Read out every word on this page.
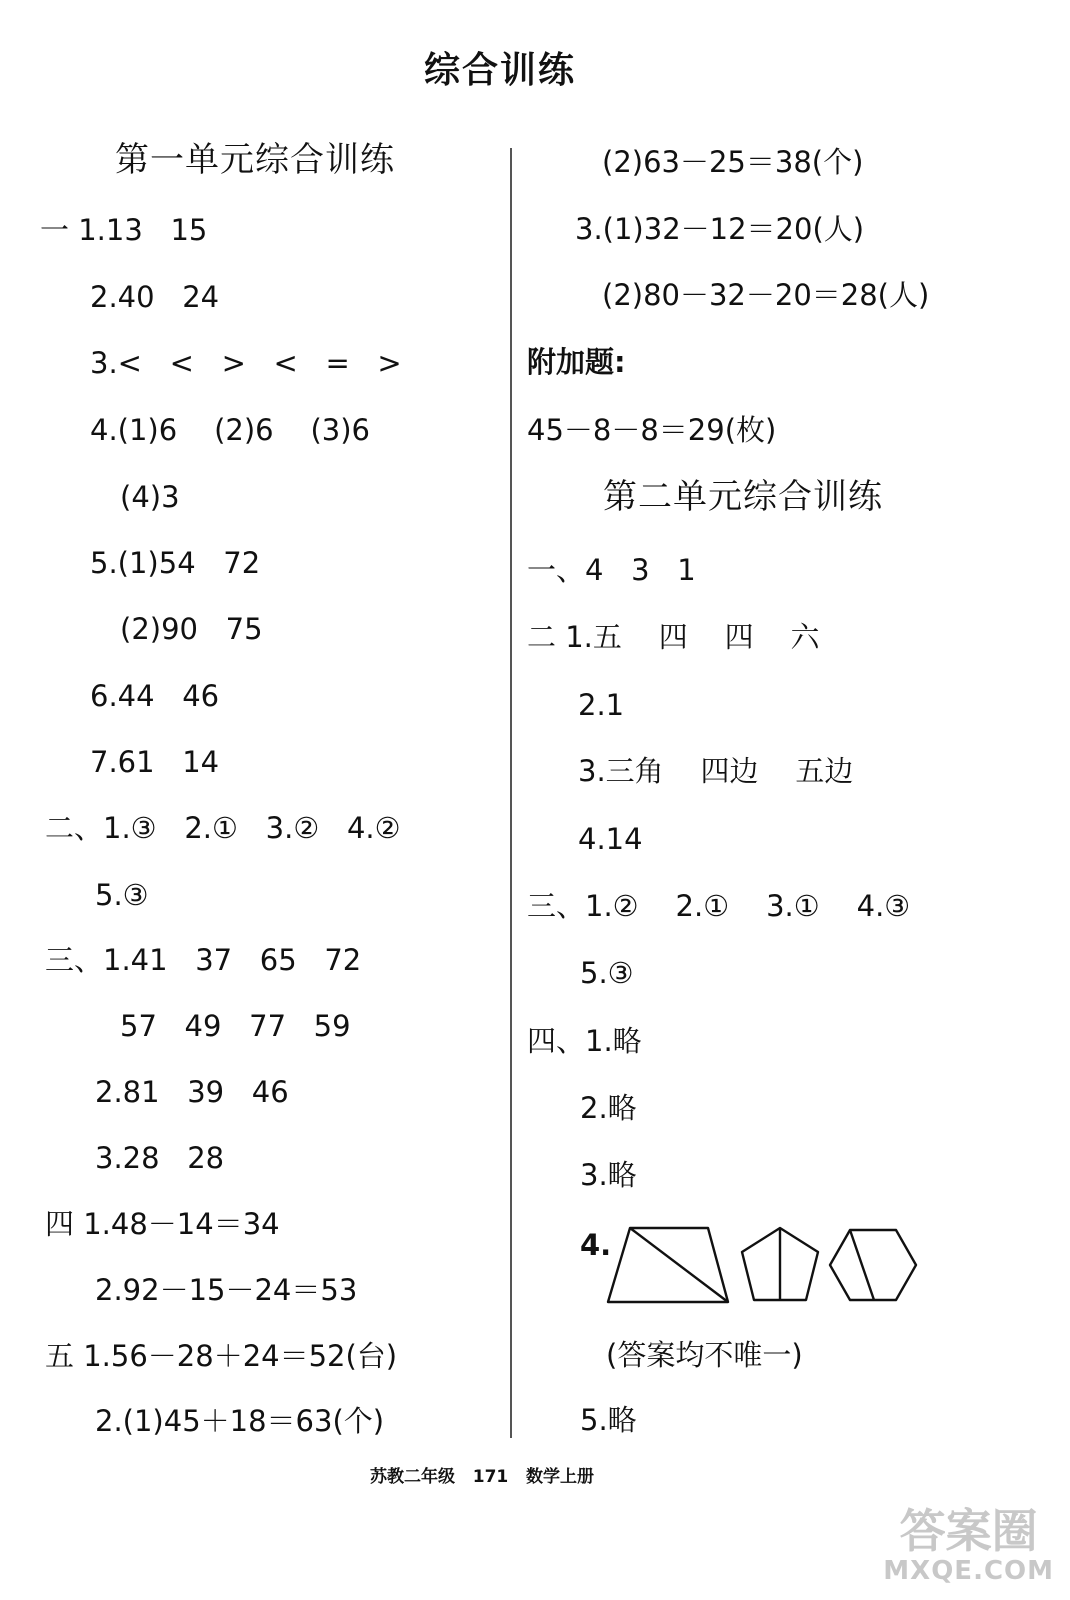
综合训练
第一单元综合训练
一 1.13   15
2.40   24
3.<   <   >   <   =   >
4.(1)6    (2)6    (3)6
(4)3
5.(1)54   72
(2)90   75
6.44   46
7.61   14
二、1.③   2.①   3.②   4.②
5.③
三、1.41   37   65   72
57   49   77   59
2.81   39   46
3.28   28
四 1.48－14＝34
2.92－15－24＝53
五 1.56－28＋24＝52(台)
2.(1)45＋18＝63(个)
(2)63－25＝38(个)
3.(1)32－12＝20(人)
(2)80－32－20＝28(人)
附加题:
45－8－8＝29(枚)
第二单元综合训练
一、4   3   1
二 1.五    四    四    六
2.1
3.三角    四边    五边
4.14
三、1.②    2.①    3.①    4.③
5.③
四、1.略
2.略
3.略
4.
(答案均不唯一)
5.略
苏教二年级   171   数学上册
答案圈
MXQE.COM
